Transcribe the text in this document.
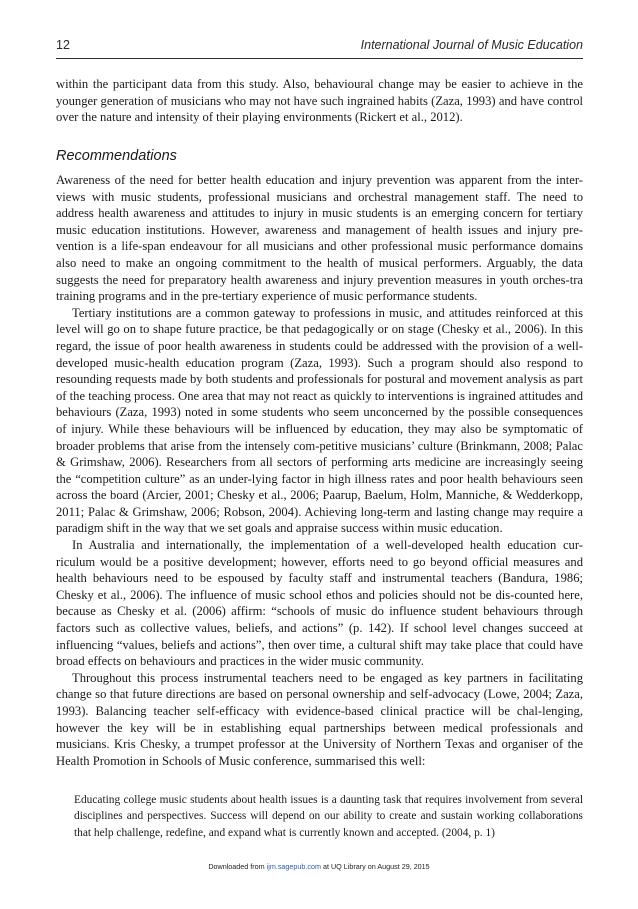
12	International Journal of Music Education

within the participant data from this study. Also, behavioural change may be easier to achieve in the younger generation of musicians who may not have such ingrained habits (Zaza, 1993) and have control over the nature and intensity of their playing environments (Rickert et al., 2012).

Recommendations

Awareness of the need for better health education and injury prevention was apparent from the inter-views with music students, professional musicians and orchestral management staff. The need to address health awareness and attitudes to injury in music students is an emerging concern for tertiary music education institutions. However, awareness and management of health issues and injury pre-vention is a life-span endeavour for all musicians and other professional music performance domains also need to make an ongoing commitment to the health of musical performers. Arguably, the data suggests the need for preparatory health awareness and injury prevention measures in youth orches-tra training programs and in the pre-tertiary experience of music performance students.

Tertiary institutions are a common gateway to professions in music, and attitudes reinforced at this level will go on to shape future practice, be that pedagogically or on stage (Chesky et al., 2006). In this regard, the issue of poor health awareness in students could be addressed with the provision of a well-developed music-health education program (Zaza, 1993). Such a program should also respond to resounding requests made by both students and professionals for postural and movement analysis as part of the teaching process. One area that may not react as quickly to interventions is ingrained attitudes and behaviours (Zaza, 1993) noted in some students who seem unconcerned by the possible consequences of injury. While these behaviours will be influenced by education, they may also be symptomatic of broader problems that arise from the intensely com-petitive musicians’ culture (Brinkmann, 2008; Palac & Grimshaw, 2006). Researchers from all sectors of performing arts medicine are increasingly seeing the “competition culture” as an under-lying factor in high illness rates and poor health behaviours seen across the board (Arcier, 2001; Chesky et al., 2006; Paarup, Baelum, Holm, Manniche, & Wedderkopp, 2011; Palac & Grimshaw, 2006; Robson, 2004). Achieving long-term and lasting change may require a paradigm shift in the way that we set goals and appraise success within music education.

In Australia and internationally, the implementation of a well-developed health education cur-riculum would be a positive development; however, efforts need to go beyond official measures and health behaviours need to be espoused by faculty staff and instrumental teachers (Bandura, 1986; Chesky et al., 2006). The influence of music school ethos and policies should not be dis-counted here, because as Chesky et al. (2006) affirm: “schools of music do influence student behaviours through factors such as collective values, beliefs, and actions” (p. 142). If school level changes succeed at influencing “values, beliefs and actions”, then over time, a cultural shift may take place that could have broad effects on behaviours and practices in the wider music community.

Throughout this process instrumental teachers need to be engaged as key partners in facilitating change so that future directions are based on personal ownership and self-advocacy (Lowe, 2004; Zaza, 1993). Balancing teacher self-efficacy with evidence-based clinical practice will be chal-lenging, however the key will be in establishing equal partnerships between medical professionals and musicians. Kris Chesky, a trumpet professor at the University of Northern Texas and organiser of the Health Promotion in Schools of Music conference, summarised this well:

Educating college music students about health issues is a daunting task that requires involvement from several disciplines and perspectives. Success will depend on our ability to create and sustain working collaborations that help challenge, redefine, and expand what is currently known and accepted. (2004, p. 1)
Downloaded from ijm.sagepub.com at UQ Library on August 29, 2015
